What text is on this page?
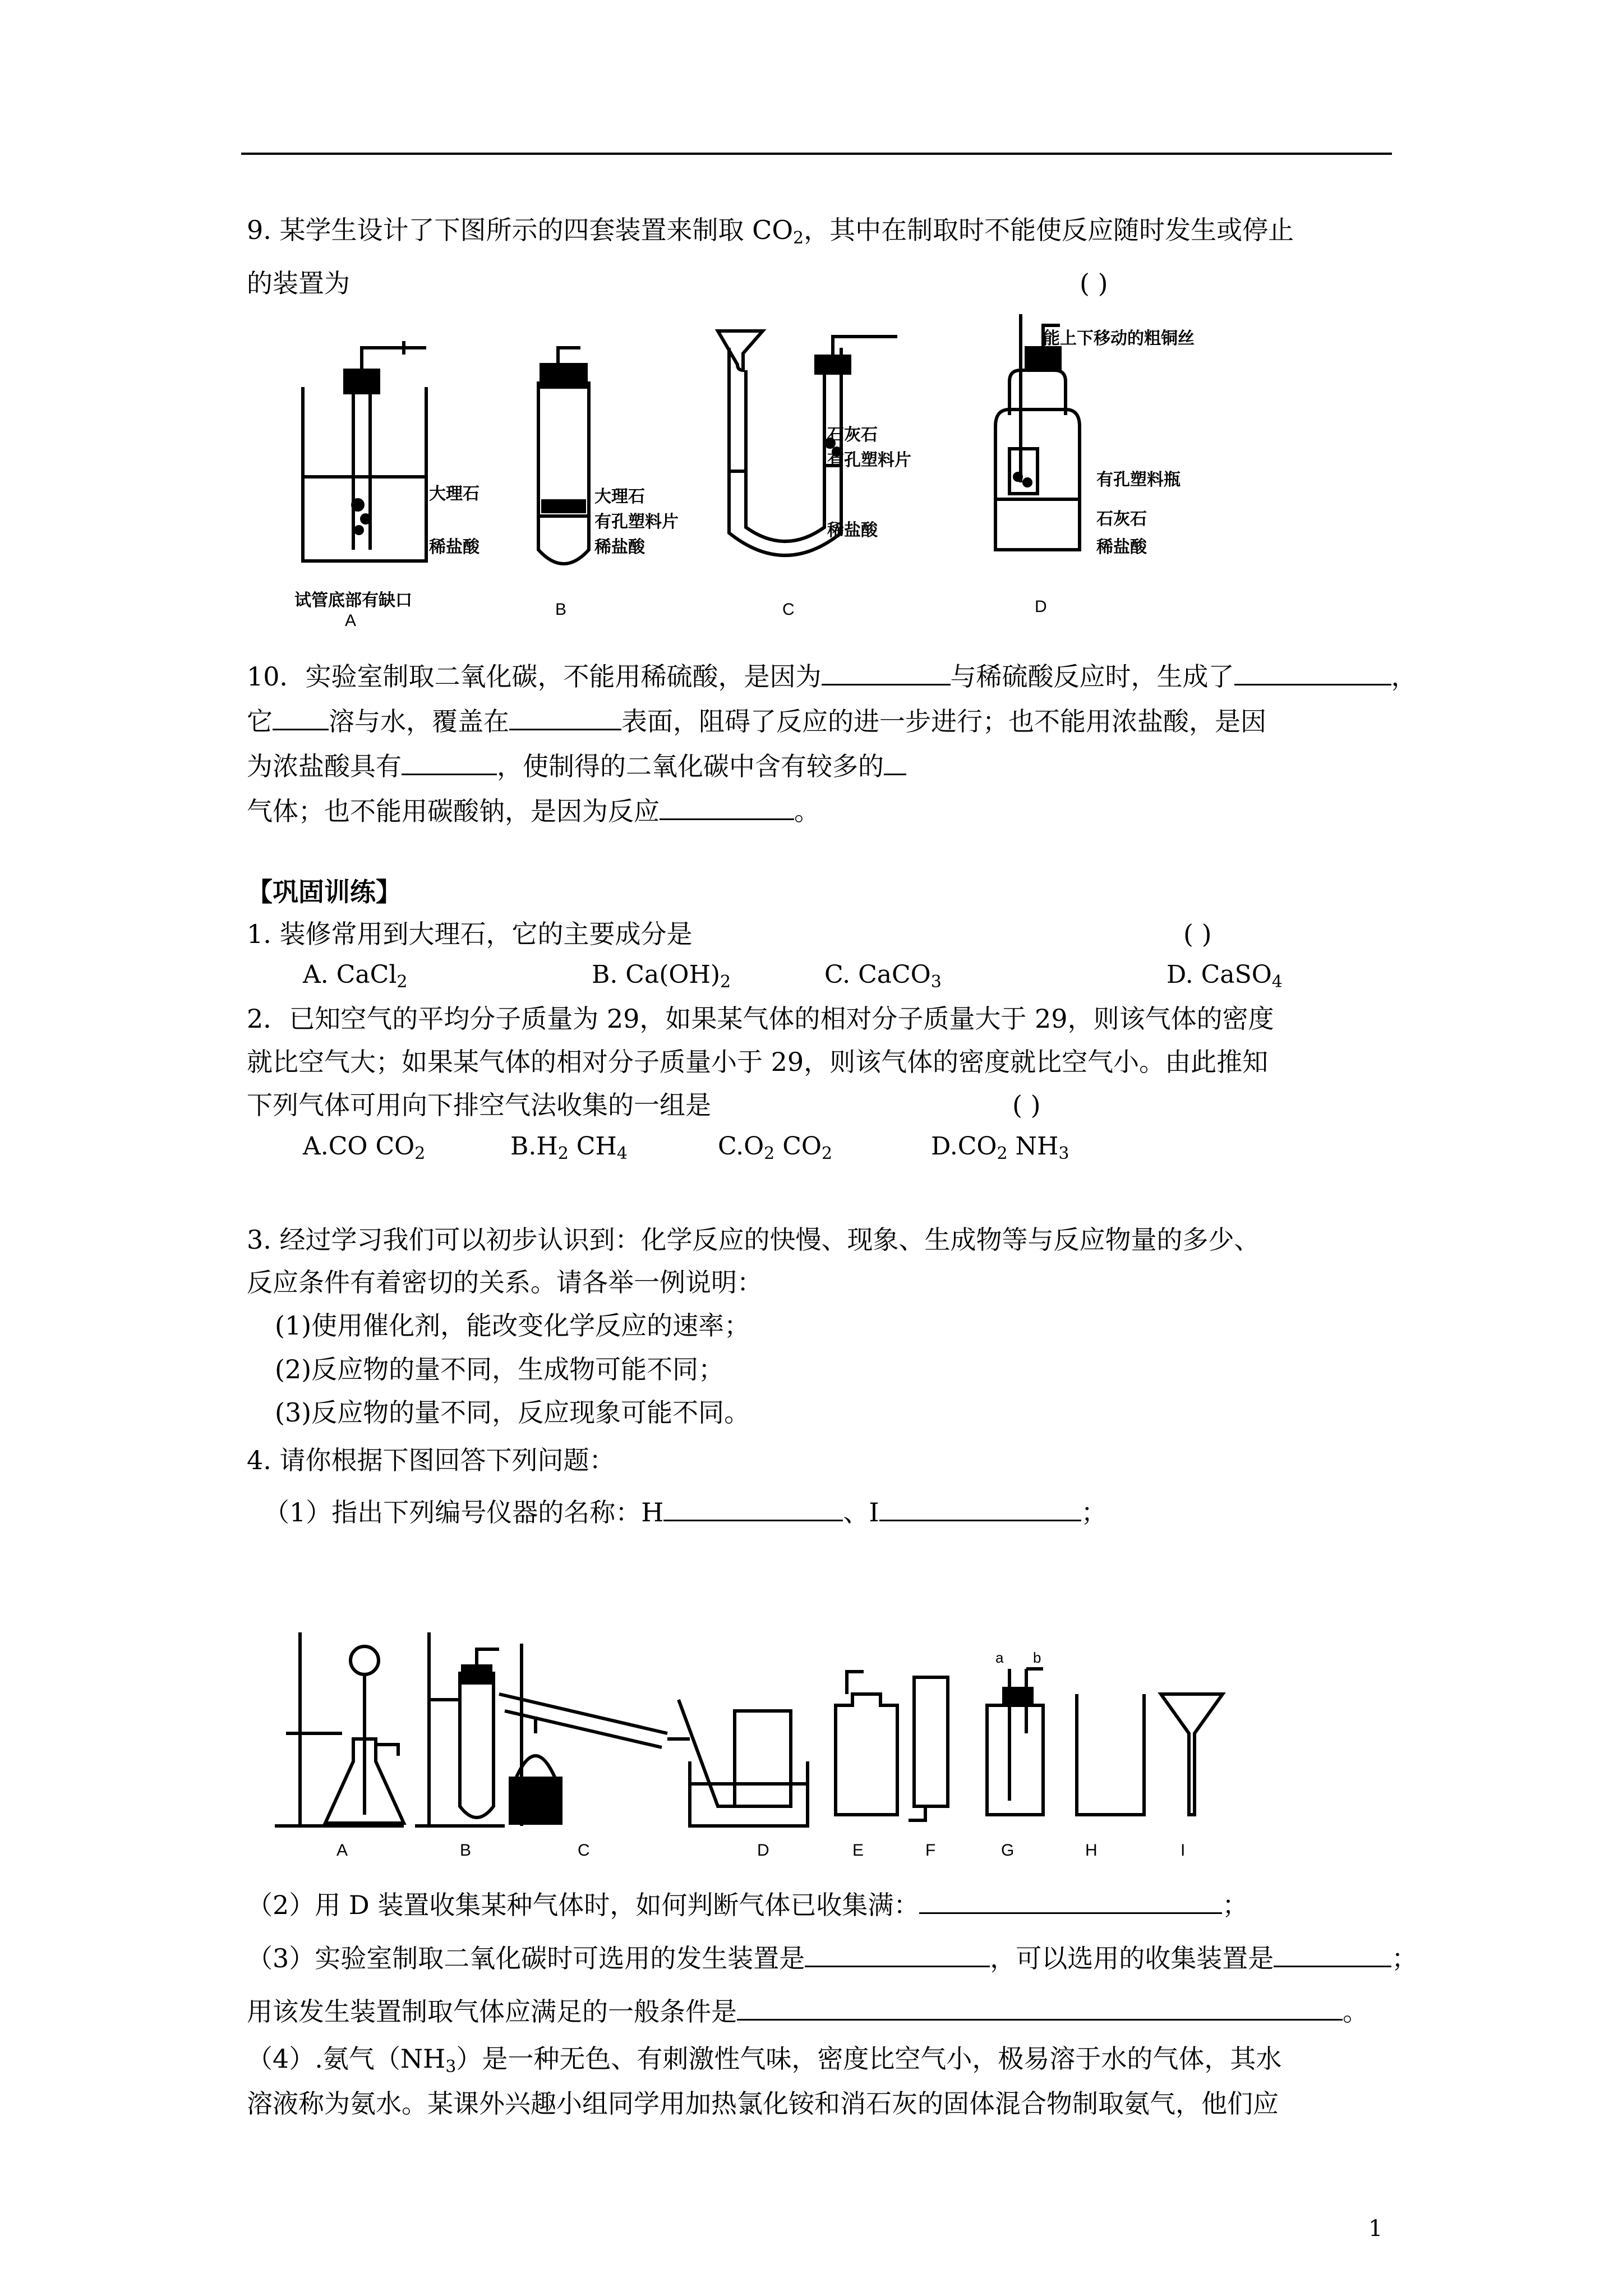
9. 某学生设计了下图所示的四套装置来制取 $CO_2$，其中在制取时不能使反应随时发生或停止
的装置为	( )
大理石
稀盐酸
试管底部有缺口
A
大理石
有孔塑料片
稀盐酸
B
石灰石
有孔塑料片
稀盐酸
C
能上下移动的粗铜丝
有孔塑料瓶
石灰石
稀盐酸
D
10．实验室制取二氧化碳，不能用稀硫酸，是因为	与稀硫酸反应时，生成了	，
它 溶与水，覆盖在	表面，阻碍了反应的进一步进行；也不能用浓盐酸，是因
为浓盐酸具有	，使制得的二氧化碳中含有较多的
气体；也不能用碳酸钠，是因为反应	。
【巩固训练】
1. 装修常用到大理石，它的主要成分是	( )
A. CaCl$_2$	B. $Ca(OH)_2$	C. CaCO$_3$	D. CaSO$_4$
2．已知空气的平均分子质量为 29，如果某气体的相对分子质量大于 29，则该气体的密度
就比空气大；如果某气体的相对分子质量小于 29，则该气体的密度就比空气小。由此推知
下列气体可用向下排空气法收集的一组是	( )
A.CO $CO_2$	$B.H_2$ $CH_4$	$C.O_2$ $CO_2$	$D.CO_2$ $NH_3$
3. 经过学习我们可以初步认识到：化学反应的快慢、现象、生成物等与反应物量的多少、
反应条件有着密切的关系。请各举一例说明：
(1)使用催化剂，能改变化学反应的速率；
(2)反应物的量不同，生成物可能不同；
(3)反应物的量不同，反应现象可能不同。
4. 请你根据下图回答下列问题：
（1）指出下列编号仪器的名称：H	、I	；
A	B	C	D	E	F	G	H	I
a b
（2）用 D 装置收集某种气体时，如何判断气体已收集满：	；
（3）实验室制取二氧化碳时可选用的发生装置是	，可以选用的收集装置是	；
用该发生装置制取气体应满足的一般条件是	。
（4）.氨气$(NH_3)$是一种无色、有刺激性气味，密度比空气小，极易溶于水的气体，其水
溶液称为氨水。某课外兴趣小组同学用加热氯化铵和消石灰的固体混合物制取氨气，他们应
1
